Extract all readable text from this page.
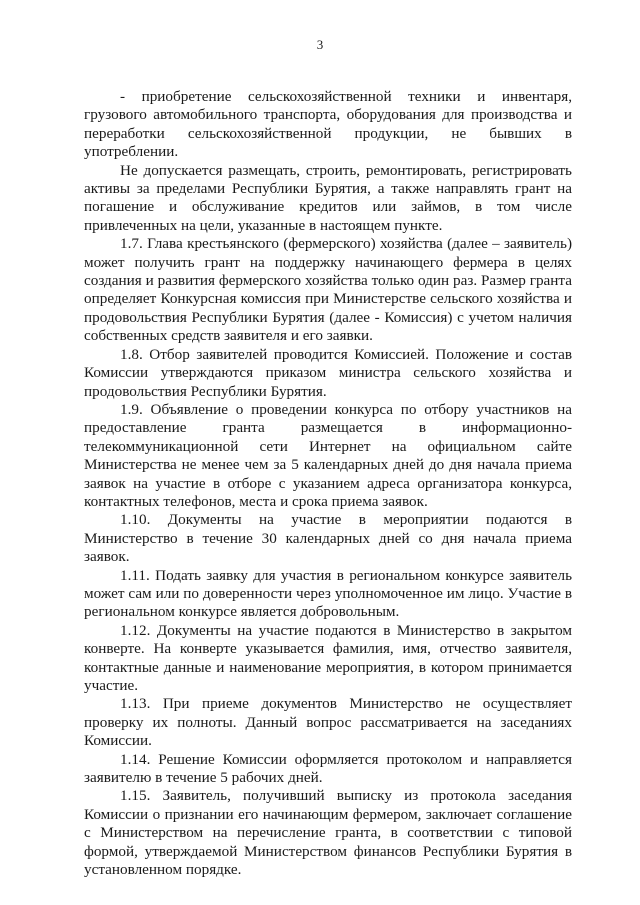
3

- приобретение сельскохозяйственной техники и инвентаря, грузового автомобильного транспорта, оборудования для производства и переработки сельскохозяйственной продукции, не бывших в употреблении.

Не допускается размещать, строить, ремонтировать, регистрировать активы за пределами Республики Бурятия, а также направлять грант на погашение и обслуживание кредитов или займов, в том числе привлеченных на цели, указанные в настоящем пункте.

1.7. Глава крестьянского (фермерского) хозяйства (далее – заявитель) может получить грант на поддержку начинающего фермера в целях создания и развития фермерского хозяйства только один раз. Размер гранта определяет Конкурсная комиссия при Министерстве сельского хозяйства и продовольствия Республики Бурятия (далее - Комиссия) с учетом наличия собственных средств заявителя и его заявки.

1.8. Отбор заявителей проводится Комиссией. Положение и состав Комиссии утверждаются приказом министра сельского хозяйства и продовольствия Республики Бурятия.

1.9. Объявление о проведении конкурса по отбору участников на предоставление гранта размещается в информационно-телекоммуникационной сети Интернет на официальном сайте Министерства не менее чем за 5 календарных дней до дня начала приема заявок на участие в отборе с указанием адреса организатора конкурса, контактных телефонов, места и срока приема заявок.

1.10. Документы на участие в мероприятии подаются в Министерство в течение 30 календарных дней со дня начала приема заявок.

1.11. Подать заявку для участия в региональном конкурсе заявитель может сам или по доверенности через уполномоченное им лицо. Участие в региональном конкурсе является добровольным.

1.12. Документы на участие подаются в Министерство в закрытом конверте. На конверте указывается фамилия, имя, отчество заявителя, контактные данные и наименование мероприятия, в котором принимается участие.

1.13. При приеме документов Министерство не осуществляет проверку их полноты. Данный вопрос рассматривается на заседаниях Комиссии.

1.14. Решение Комиссии оформляется протоколом и направляется заявителю в течение 5 рабочих дней.

1.15. Заявитель, получивший выписку из протокола заседания Комиссии о признании его начинающим фермером, заключает соглашение с Министерством на перечисление гранта, в соответствии с типовой формой, утверждаемой Министерством финансов Республики Бурятия в установленном порядке.
